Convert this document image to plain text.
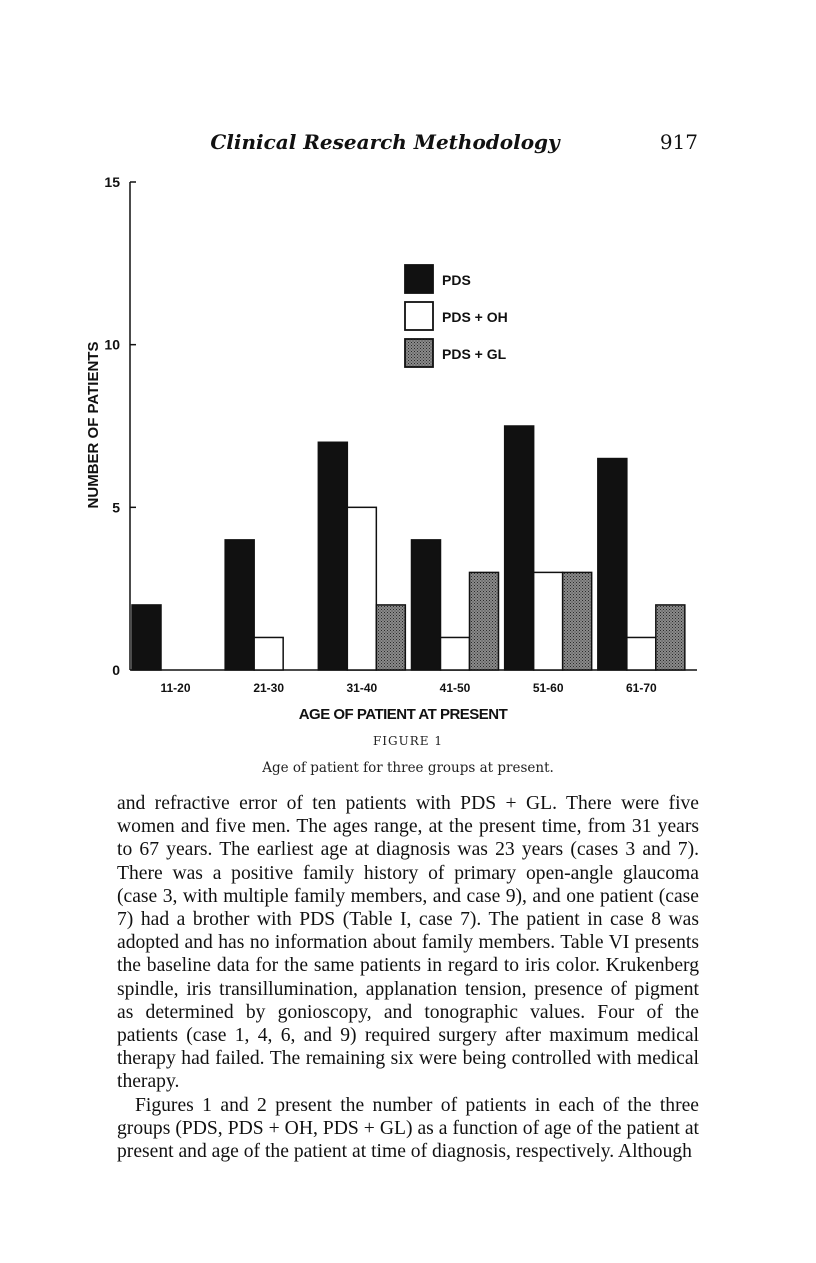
Clinical Research Methodology	917
0
5
10
15
11-20	21-30	31-40	41-50	51-60	61-70
PDS
PDS + OH
PDS + GL
NUMBER OF PATIENTS
AGE OF PATIENT AT PRESENT
FIGURE 1
Age of patient for three groups at present.

and refractive error of ten patients with PDS + GL. There were five women and five men. The ages range, at the present time, from 31 years to 67 years. The earliest age at diagnosis was 23 years (cases 3 and 7). There was a positive family history of primary open-angle glaucoma (case 3, with multiple family members, and case 9), and one patient (case 7) had a brother with PDS (Table I, case 7). The patient in case 8 was adopted and has no information about family members. Table VI presents the baseline data for the same patients in regard to iris color. Krukenberg spindle, iris transillumination, applanation tension, presence of pigment as determined by gonioscopy, and tonographic values. Four of the patients (case 1, 4, 6, and 9) required surgery after maximum medical therapy had failed. The remaining six were being controlled with medical therapy.

Figures 1 and 2 present the number of patients in each of the three groups (PDS, PDS + OH, PDS + GL) as a function of age of the patient at present and age of the patient at time of diagnosis, respectively. Although
